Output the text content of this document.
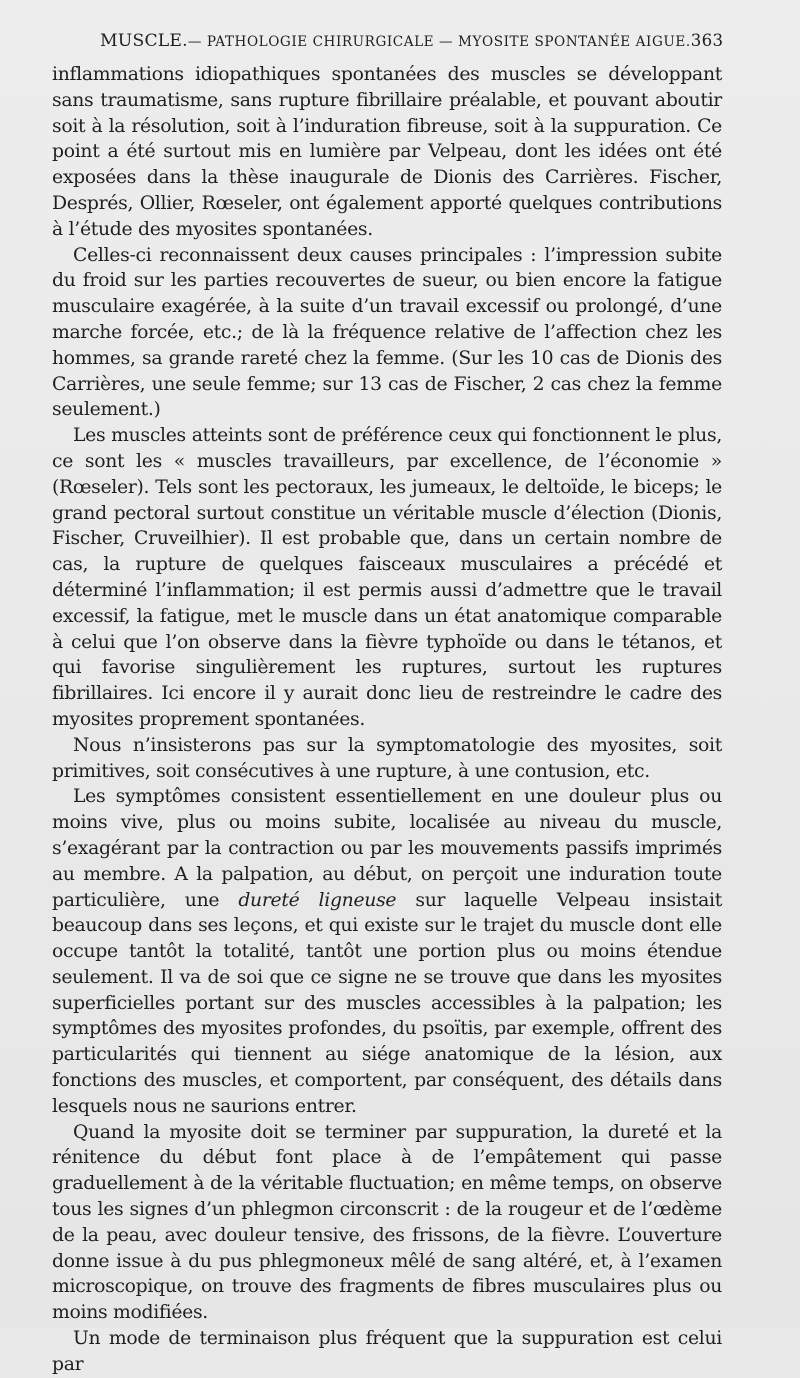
MUSCLE. — PATHOLOGIE CHIRURGICALE — MYOSITE SPONTANÉE AIGUE. 363

inflammations idiopathiques spontanées des muscles se développant sans traumatisme, sans rupture fibrillaire préalable, et pouvant aboutir soit à la résolution, soit à l’induration fibreuse, soit à la suppuration. Ce point a été surtout mis en lumière par Velpeau, dont les idées ont été exposées dans la thèse inaugurale de Dionis des Carrières. Fischer, Després, Ollier, Rœseler, ont également apporté quelques contributions à l’étude des myosites spontanées.

Celles-ci reconnaissent deux causes principales : l’impression subite du froid sur les parties recouvertes de sueur, ou bien encore la fatigue musculaire exagérée, à la suite d’un travail excessif ou prolongé, d’une marche forcée, etc.; de là la fréquence relative de l’affection chez les hommes, sa grande rareté chez la femme. (Sur les 10 cas de Dionis des Carrières, une seule femme; sur 13 cas de Fischer, 2 cas chez la femme seulement.)

Les muscles atteints sont de préférence ceux qui fonctionnent le plus, ce sont les « muscles travailleurs, par excellence, de l’économie » (Rœseler). Tels sont les pectoraux, les jumeaux, le deltoïde, le biceps; le grand pectoral surtout constitue un véritable muscle d’élection (Dionis, Fischer, Cruveilhier). Il est probable que, dans un certain nombre de cas, la rupture de quelques faisceaux musculaires a précédé et déterminé l’inflammation; il est permis aussi d’admettre que le travail excessif, la fatigue, met le muscle dans un état anatomique comparable à celui que l’on observe dans la fièvre typhoïde ou dans le tétanos, et qui favorise singulièrement les ruptures, surtout les ruptures fibrillaires. Ici encore il y aurait donc lieu de restreindre le cadre des myosites proprement spontanées.

Nous n’insisterons pas sur la symptomatologie des myosites, soit primitives, soit consécutives à une rupture, à une contusion, etc.

Les symptômes consistent essentiellement en une douleur plus ou moins vive, plus ou moins subite, localisée au niveau du muscle, s’exagérant par la contraction ou par les mouvements passifs imprimés au membre. A la palpation, au début, on perçoit une induration toute particulière, une dureté ligneuse sur laquelle Velpeau insistait beaucoup dans ses leçons, et qui existe sur le trajet du muscle dont elle occupe tantôt la totalité, tantôt une portion plus ou moins étendue seulement. Il va de soi que ce signe ne se trouve que dans les myosites superficielles portant sur des muscles accessibles à la palpation; les symptômes des myosites profondes, du psoïtis, par exemple, offrent des particularités qui tiennent au siége anatomique de la lésion, aux fonctions des muscles, et comportent, par conséquent, des détails dans lesquels nous ne saurions entrer.

Quand la myosite doit se terminer par suppuration, la dureté et la rénitence du début font place à de l’empâtement qui passe graduellement à de la véritable fluctuation; en même temps, on observe tous les signes d’un phlegmon circonscrit : de la rougeur et de l’œdème de la peau, avec douleur tensive, des frissons, de la fièvre. L’ouverture donne issue à du pus phlegmoneux mêlé de sang altéré, et, à l’examen microscopique, on trouve des fragments de fibres musculaires plus ou moins modifiées.

Un mode de terminaison plus fréquent que la suppuration est celui par
